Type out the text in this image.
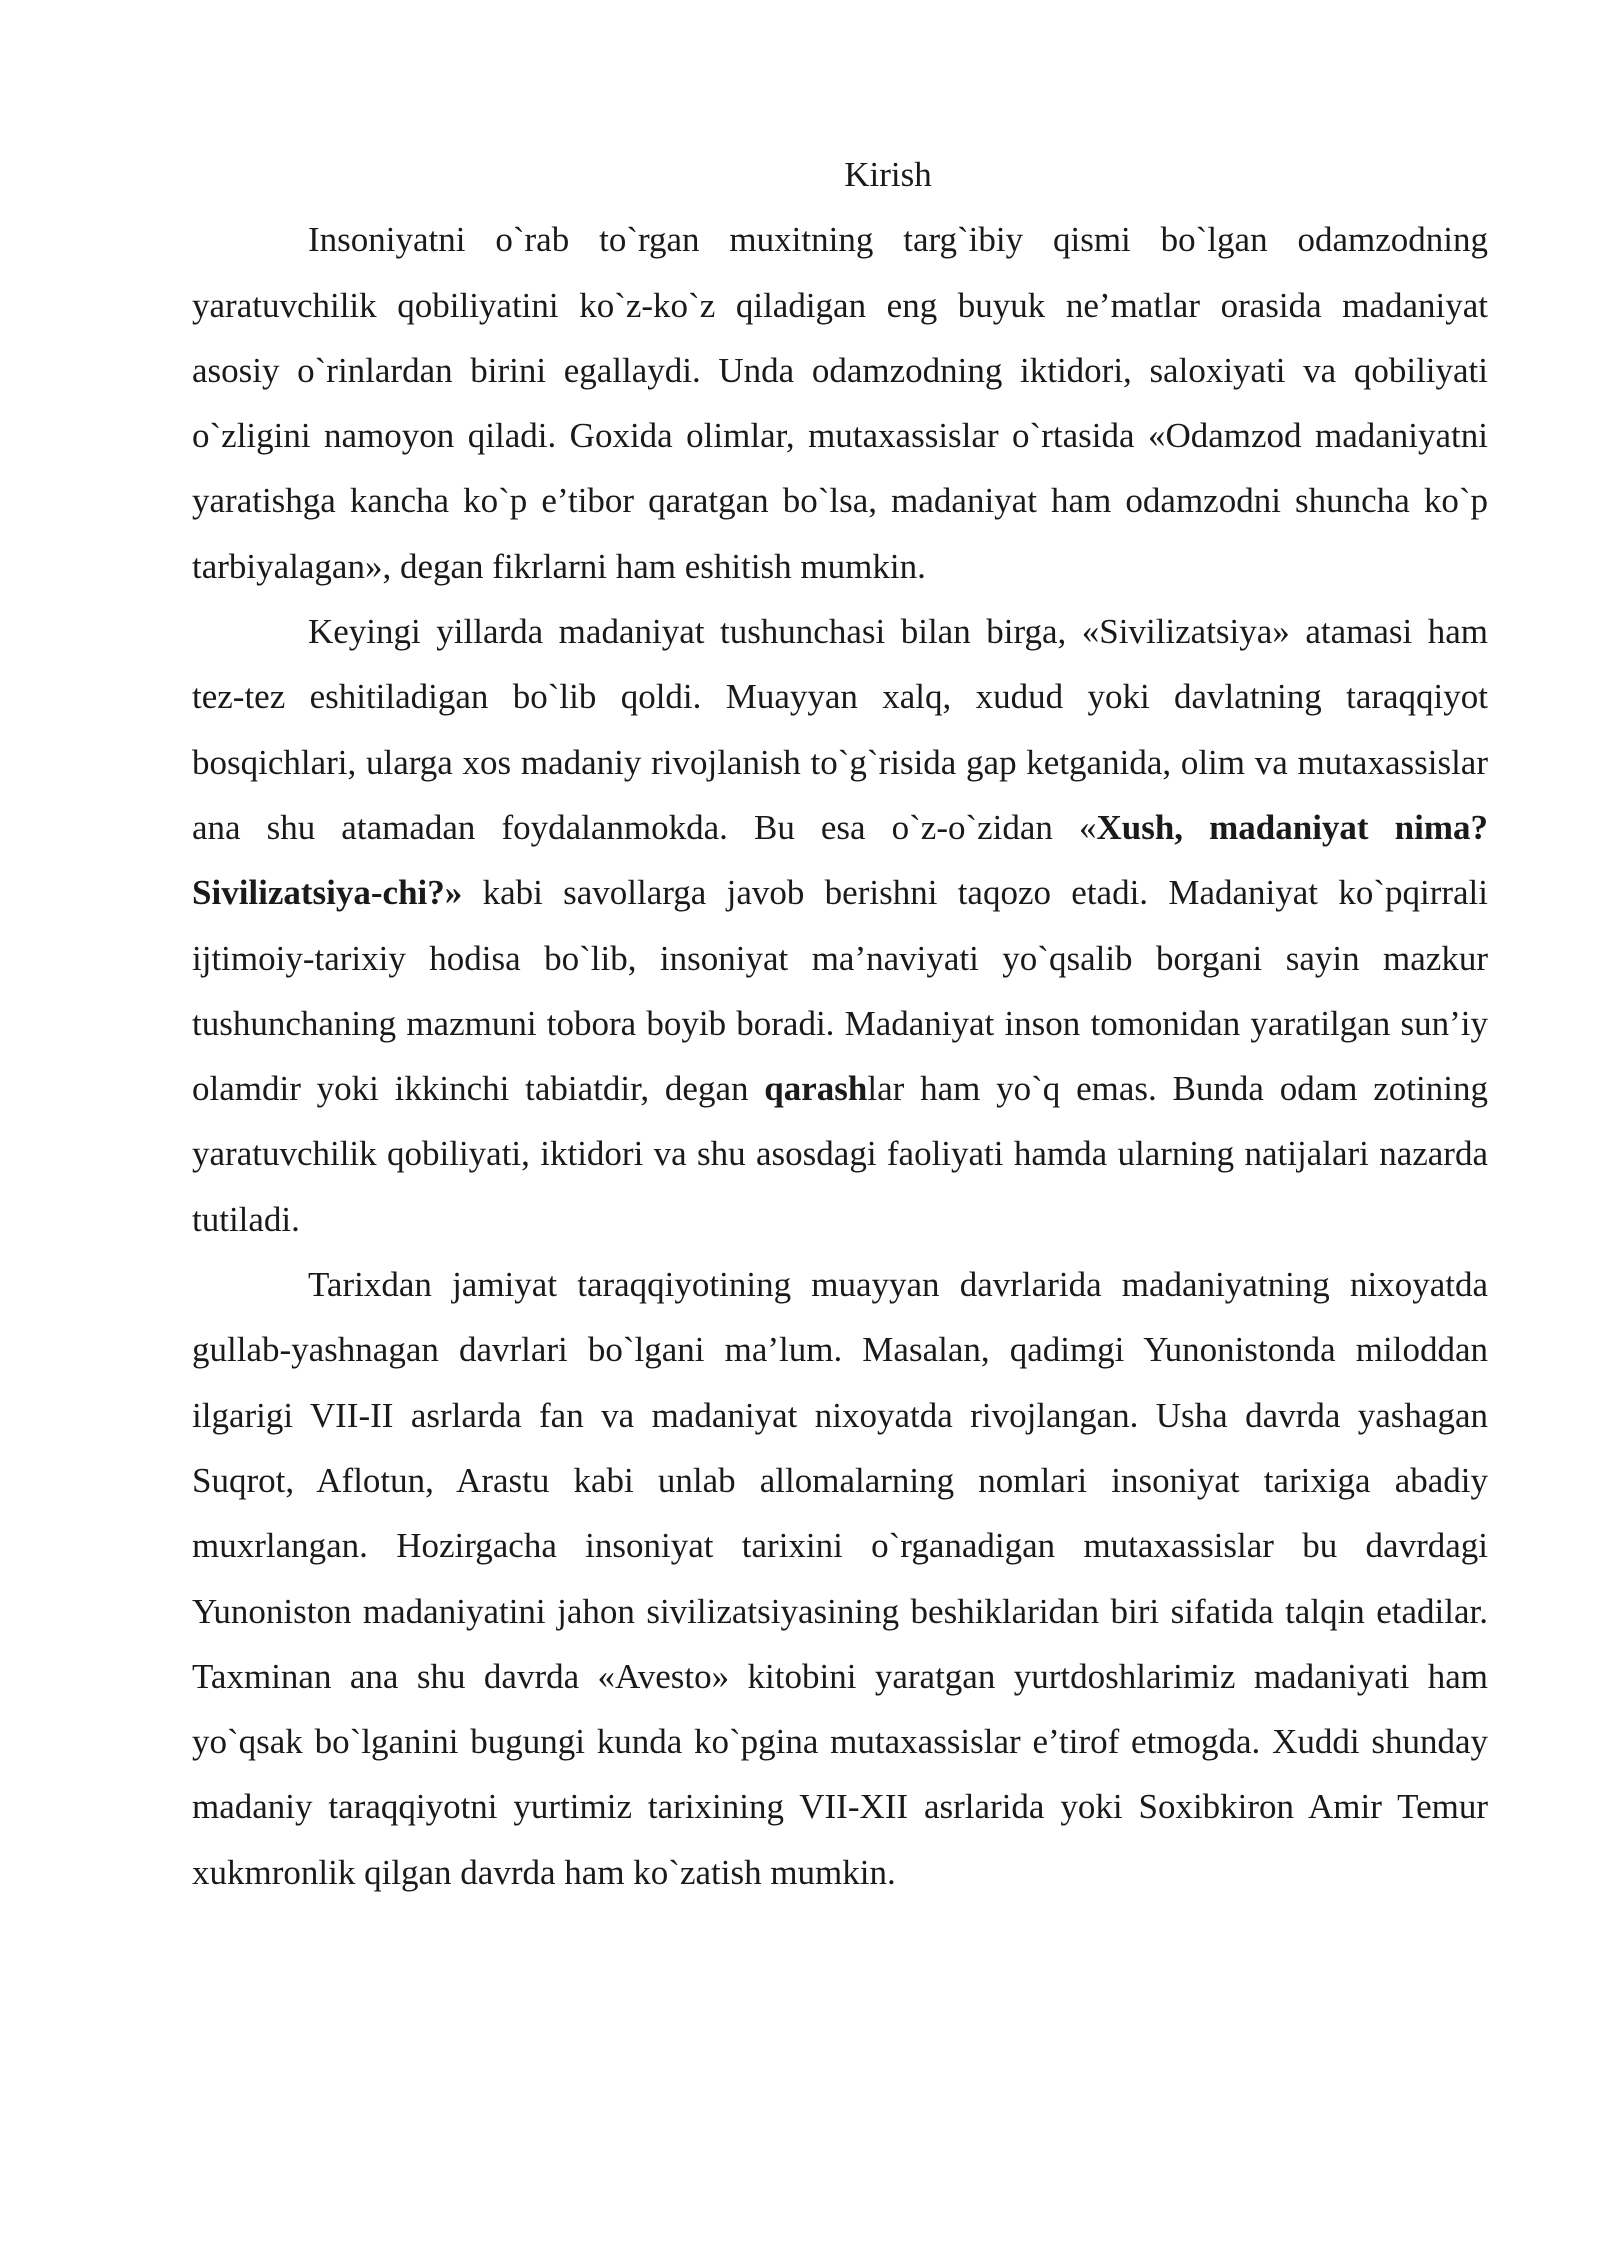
Kirish

Insoniyatni o`rab to`rgan muxitning targ`ibiy qismi bo`lgan odamzodning yaratuvchilik qobiliyatini ko`z-ko`z qiladigan eng buyuk ne’matlar orasida madaniyat asosiy o`rinlardan birini egallaydi. Unda odamzodning iktidori, saloxiyati va qobiliyati o`zligini namoyon qiladi. Goxida olimlar, mutaxassislar o`rtasida «Odamzod madaniyatni yaratishga kancha ko`p e’tibor qaratgan bo`lsa, madaniyat ham odamzodni shuncha ko`p tarbiyalagan», degan fikrlarni ham eshitish mumkin.

Keyingi yillarda madaniyat tushunchasi bilan birga, «Sivilizatsiya» atamasi ham tez-tez eshitiladigan bo`lib qoldi. Muayyan xalq, xudud yoki davlatning taraqqiyot bosqichlari, ularga xos madaniy rivojlanish to`g`risida gap ketganida, olim va mutaxassislar ana shu atamadan foydalanmokda. Bu esa o`z-o`zidan «Xush, madaniyat nima? Sivilizatsiya-chi?» kabi savollarga javob berishni taqozo etadi. Madaniyat ko`pqirrali ijtimoiy-tarixiy hodisa bo`lib, insoniyat ma’naviyati yo`qsalib borgani sayin mazkur tushunchaning mazmuni tobora boyib boradi. Madaniyat inson tomonidan yaratilgan sun’iy olamdir yoki ikkinchi tabiatdir, degan qarashlar ham yo`q emas. Bunda odam zotining yaratuvchilik qobiliyati, iktidori va shu asosdagi faoliyati hamda ularning natijalari nazarda tutiladi.

Tarixdan jamiyat taraqqiyotining muayyan davrlarida madaniyatning nixoyatda gullab-yashnagan davrlari bo`lgani ma’lum. Masalan, qadimgi Yunonistonda miloddan ilgarigi VII-II asrlarda fan va madaniyat nixoyatda rivojlangan. Usha davrda yashagan Suqrot, Aflotun, Arastu kabi unlab allomalarning nomlari insoniyat tarixiga abadiy muxrlangan. Hozirgacha insoniyat tarixini o`rganadigan mutaxassislar bu davrdagi Yunoniston madaniyatini jahon sivilizatsiyasining beshiklaridan biri sifatida talqin etadilar. Taxminan ana shu davrda «Avesto» kitobini yaratgan yurtdoshlarimiz madaniyati ham yo`qsak bo`lganini bugungi kunda ko`pgina mutaxassislar e’tirof etmogda. Xuddi shunday madaniy taraqqiyotni yurtimiz tarixining VII-XII asrlarida yoki Soxibkiron Amir Temur xukmronlik qilgan davrda ham ko`zatish mumkin.
